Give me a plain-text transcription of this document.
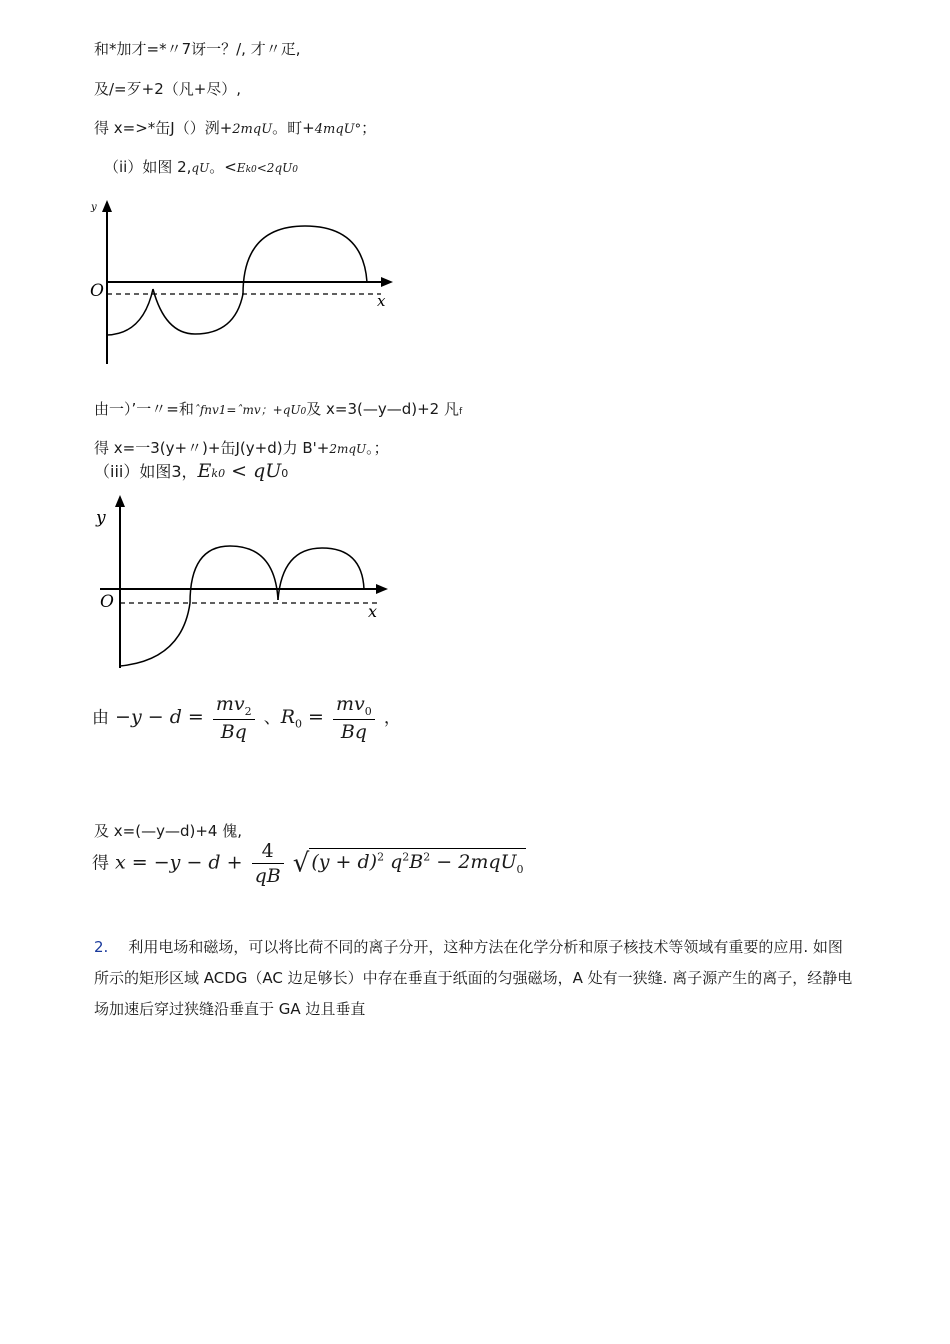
和*加才=*〃7讶一？/, 才〃疋,
及/=歹+2（凡+尽）,
得 x=>*缶J（）洌+2mqU。町+4mqU°；
（ii）如图 2,qU。<Ek0<2qU0
y
O	x
由一）’一〃=和ˆfnv1=ˆmv；+qU0及 x=3(—y—d)+2 凡f
得 x=一3(y+〃)+缶J(y+d)力 B'+2mqU。；
（iii）如图3，Ek0 < qU0
y
O	x
由 $-y - d = \frac{mv_2}{Bq}$ 、$R_0 = \frac{mv_0}{Bq}$ ，
及 x=(—y—d)+4 傀,
得 $x = -y - d + \frac{4}{qB}$ √ $(y + d)^2$ $q^2B^2 - 2mqU_0$
2. 利用电场和磁场，可以将比荷不同的离子分开，这种方法在化学分析和原子核技术等领域有重要的应用. 如图所示的矩形区域 ACDG（AC 边足够长）中存在垂直于纸面的匀强磁场，A 处有一狭缝. 离子源产生的离子，经静电场加速后穿过狭缝沿垂直于 GA 边且垂直
